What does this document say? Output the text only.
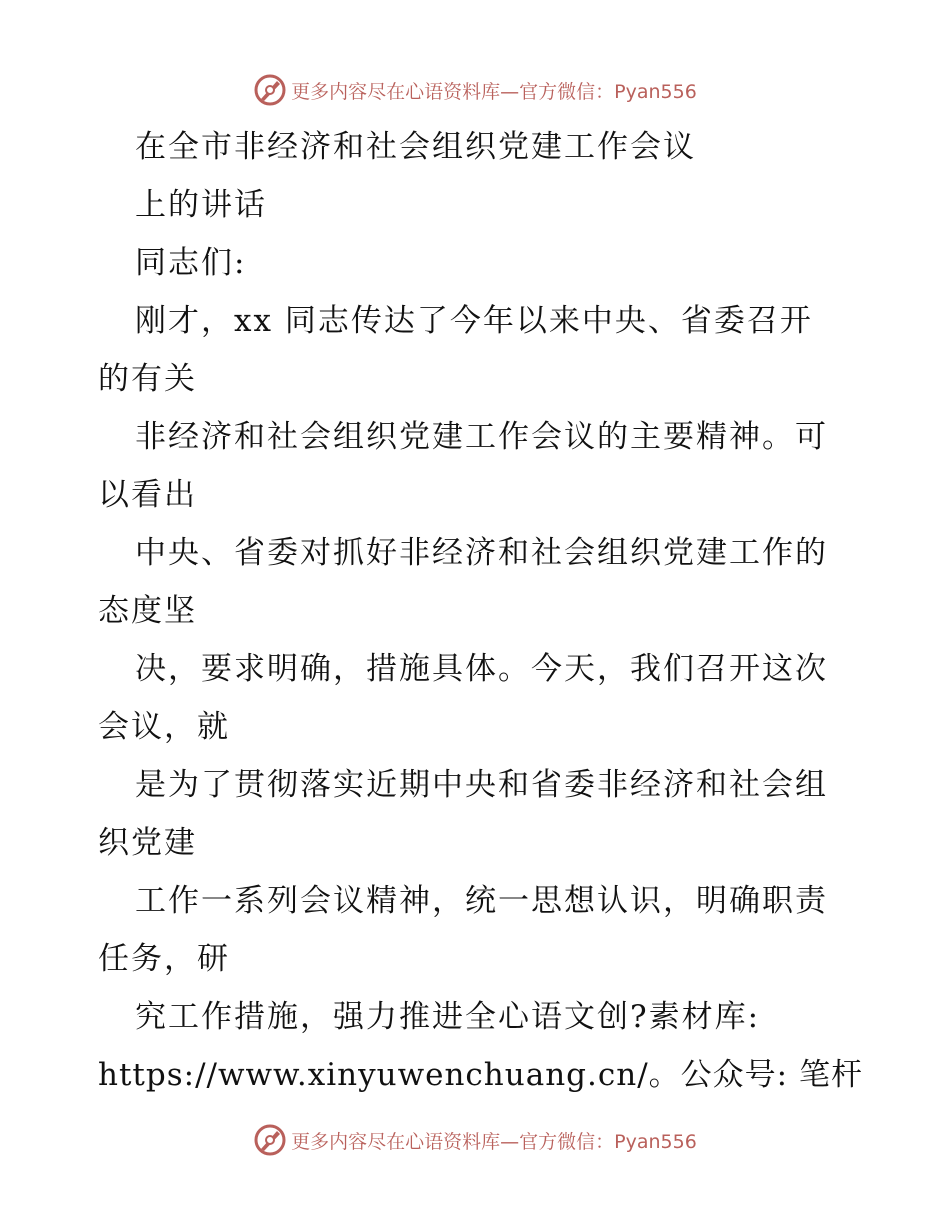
更多内容尽在心语资料库—官方微信：Pyan556
在全市非经济和社会组织党建工作会议
上的讲话
同志们:
刚才，xx 同志传达了今年以来中央、省委召开
的有关
非经济和社会组织党建工作会议的主要精神。可
以看出
中央、省委对抓好非经济和社会组织党建工作的
态度坚
决，要求明确，措施具体。今天，我们召开这次
会议，就
是为了贯彻落实近期中央和省委非经济和社会组
织党建
工作一系列会议精神，统一思想认识，明确职责
任务，研
究工作措施，强力推进全心语文创?素材库:
https://www.xinyuwenchuang.cn/。公众号: 笔杆
更多内容尽在心语资料库—官方微信：Pyan556
